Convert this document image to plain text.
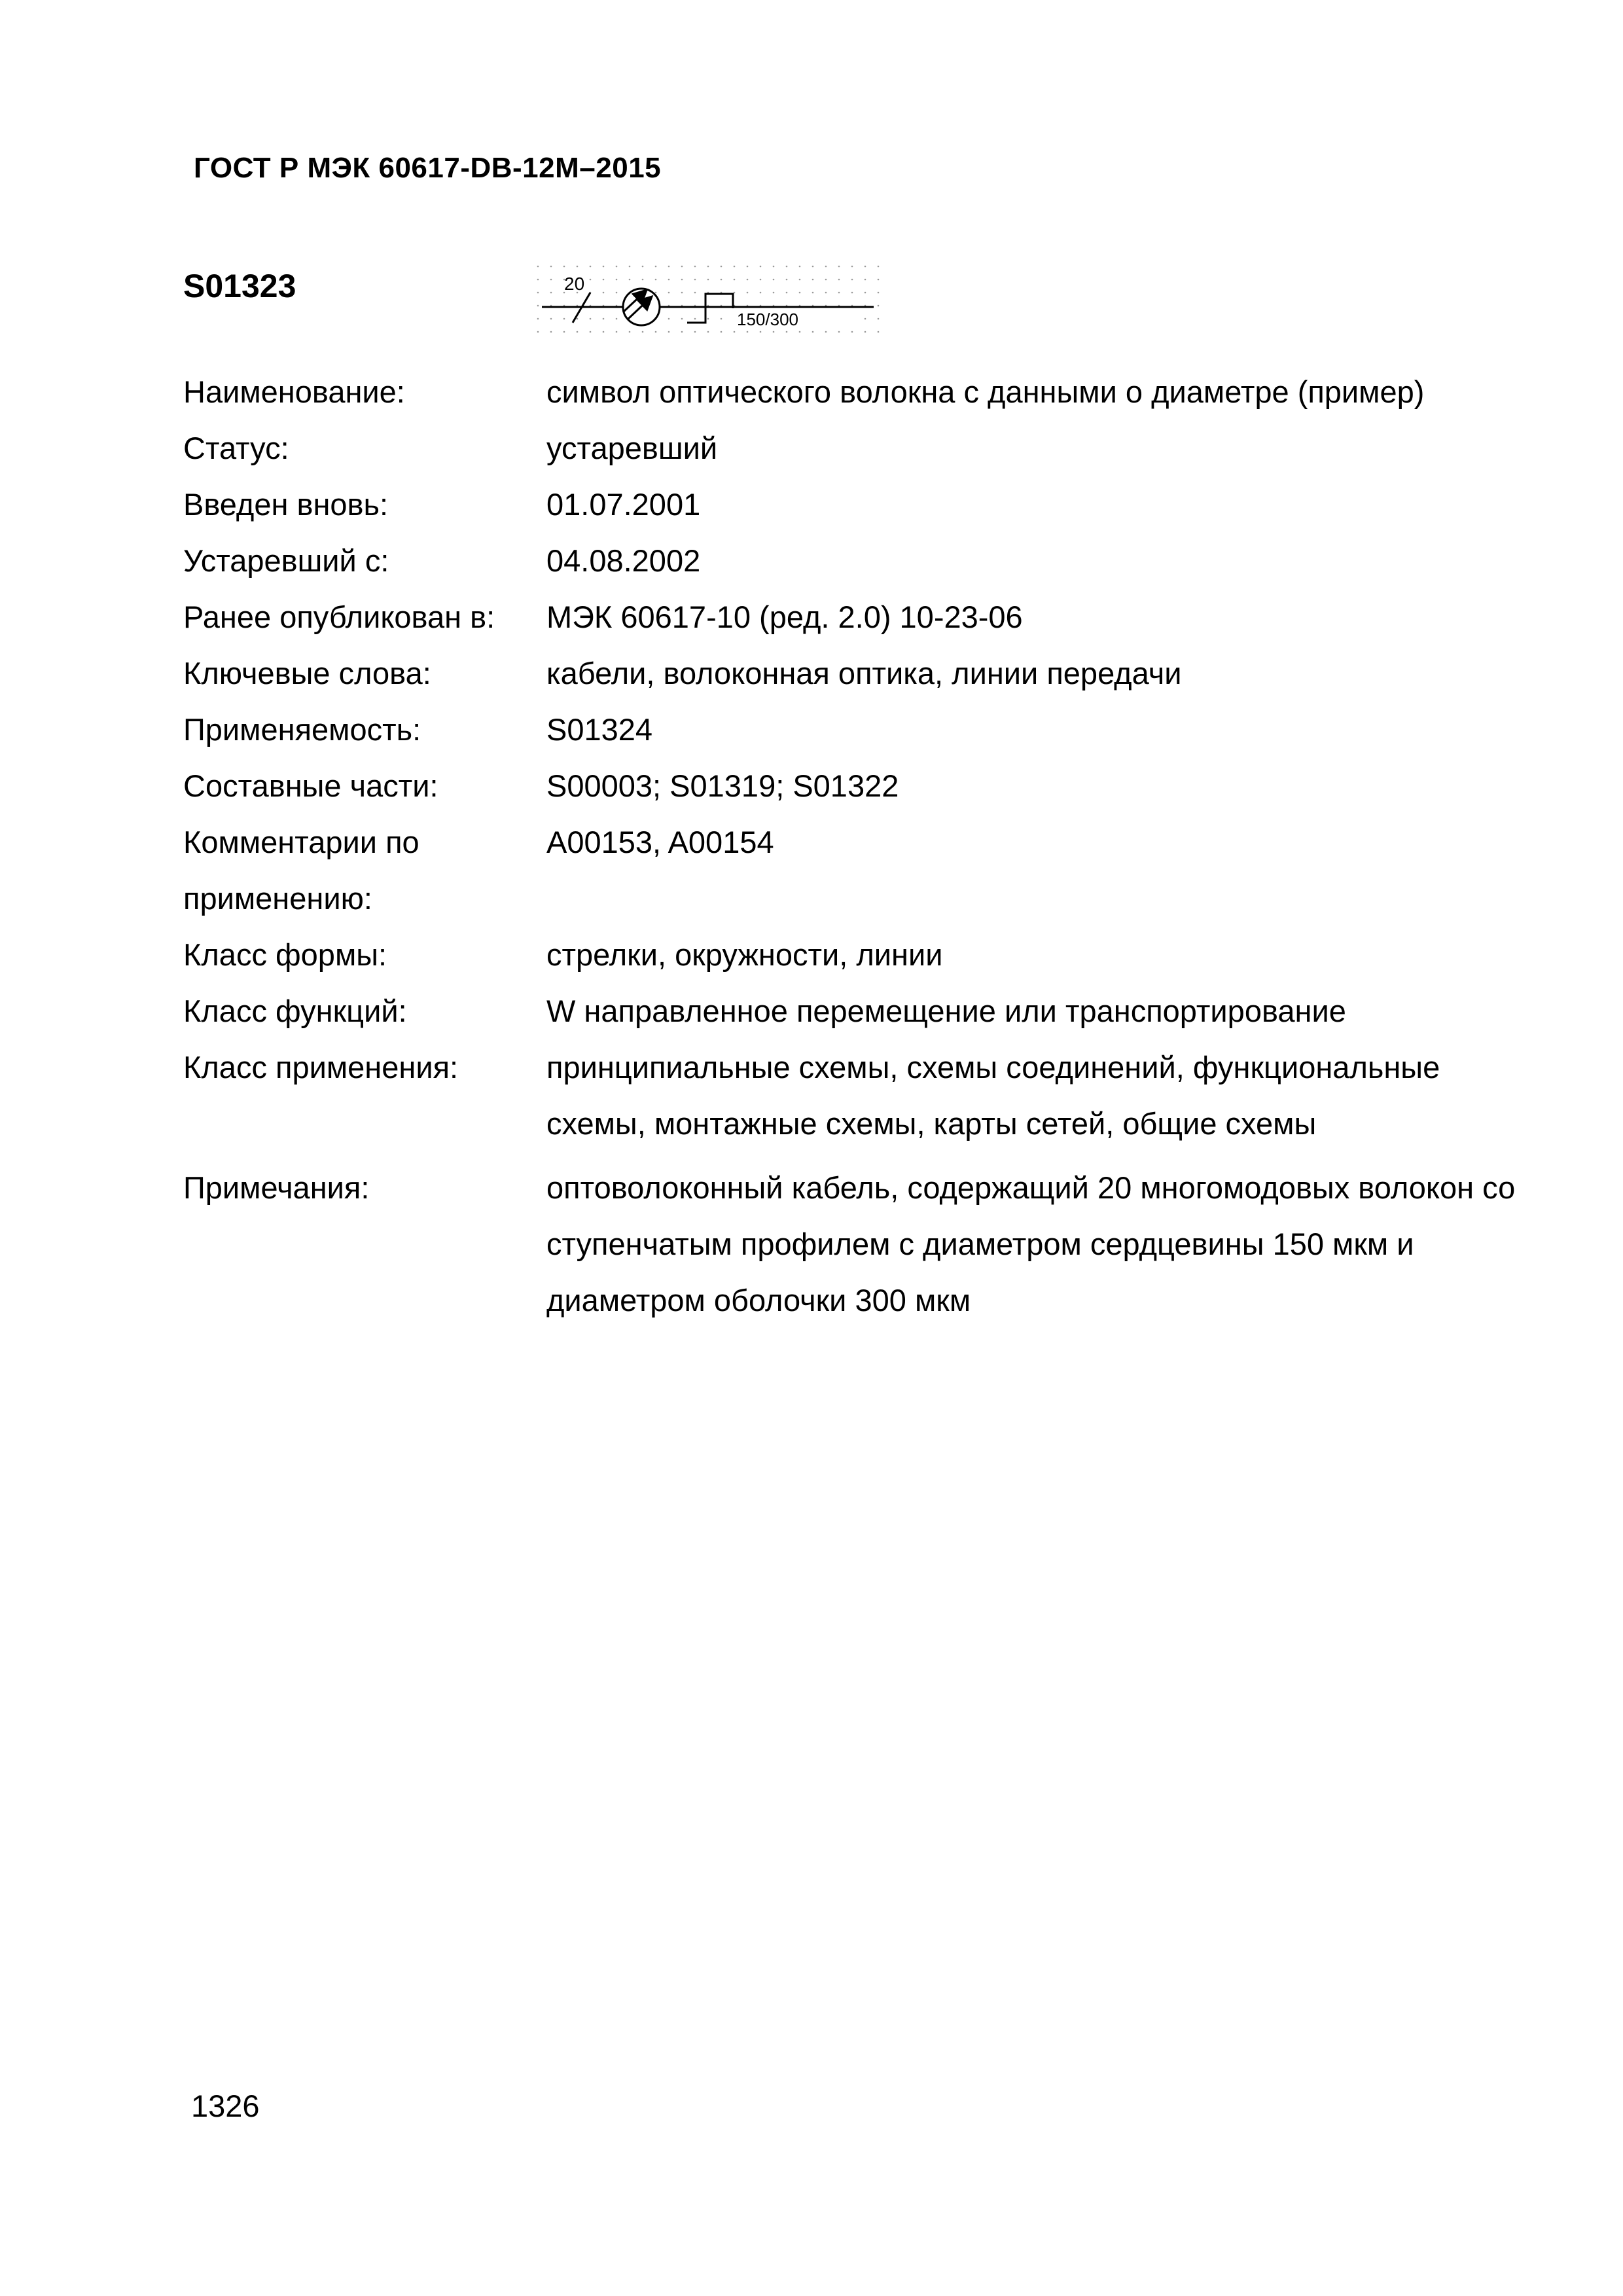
ГОСТ Р МЭК 60617-DB-12M–2015
S01323	20
150/300
Наименование:	символ оптического волокна с данными о диаметре (пример)
Статус:	устаревший
Введен вновь:	01.07.2001
Устаревший с:	04.08.2002
Ранее опубликован в:	МЭК 60617-10 (ред. 2.0) 10-23-06
Ключевые слова:	кабели, волоконная оптика, линии передачи
Применяемость:	S01324
Составные части:	S00003; S01319; S01322
Комментарии по применению:
A00153, A00154
Класс формы:	стрелки, окружности, линии
Класс функций:	W направленное перемещение или транспортирование
Класс применения:	принципиальные схемы, схемы соединений, функциональные схемы, монтажные схемы, карты сетей, общие схемы
Примечания:	оптоволоконный кабель, содержащий 20 многомодовых волокон со ступенчатым профилем с диаметром сердцевины 150 мкм и диаметром оболочки 300 мкм
1326
